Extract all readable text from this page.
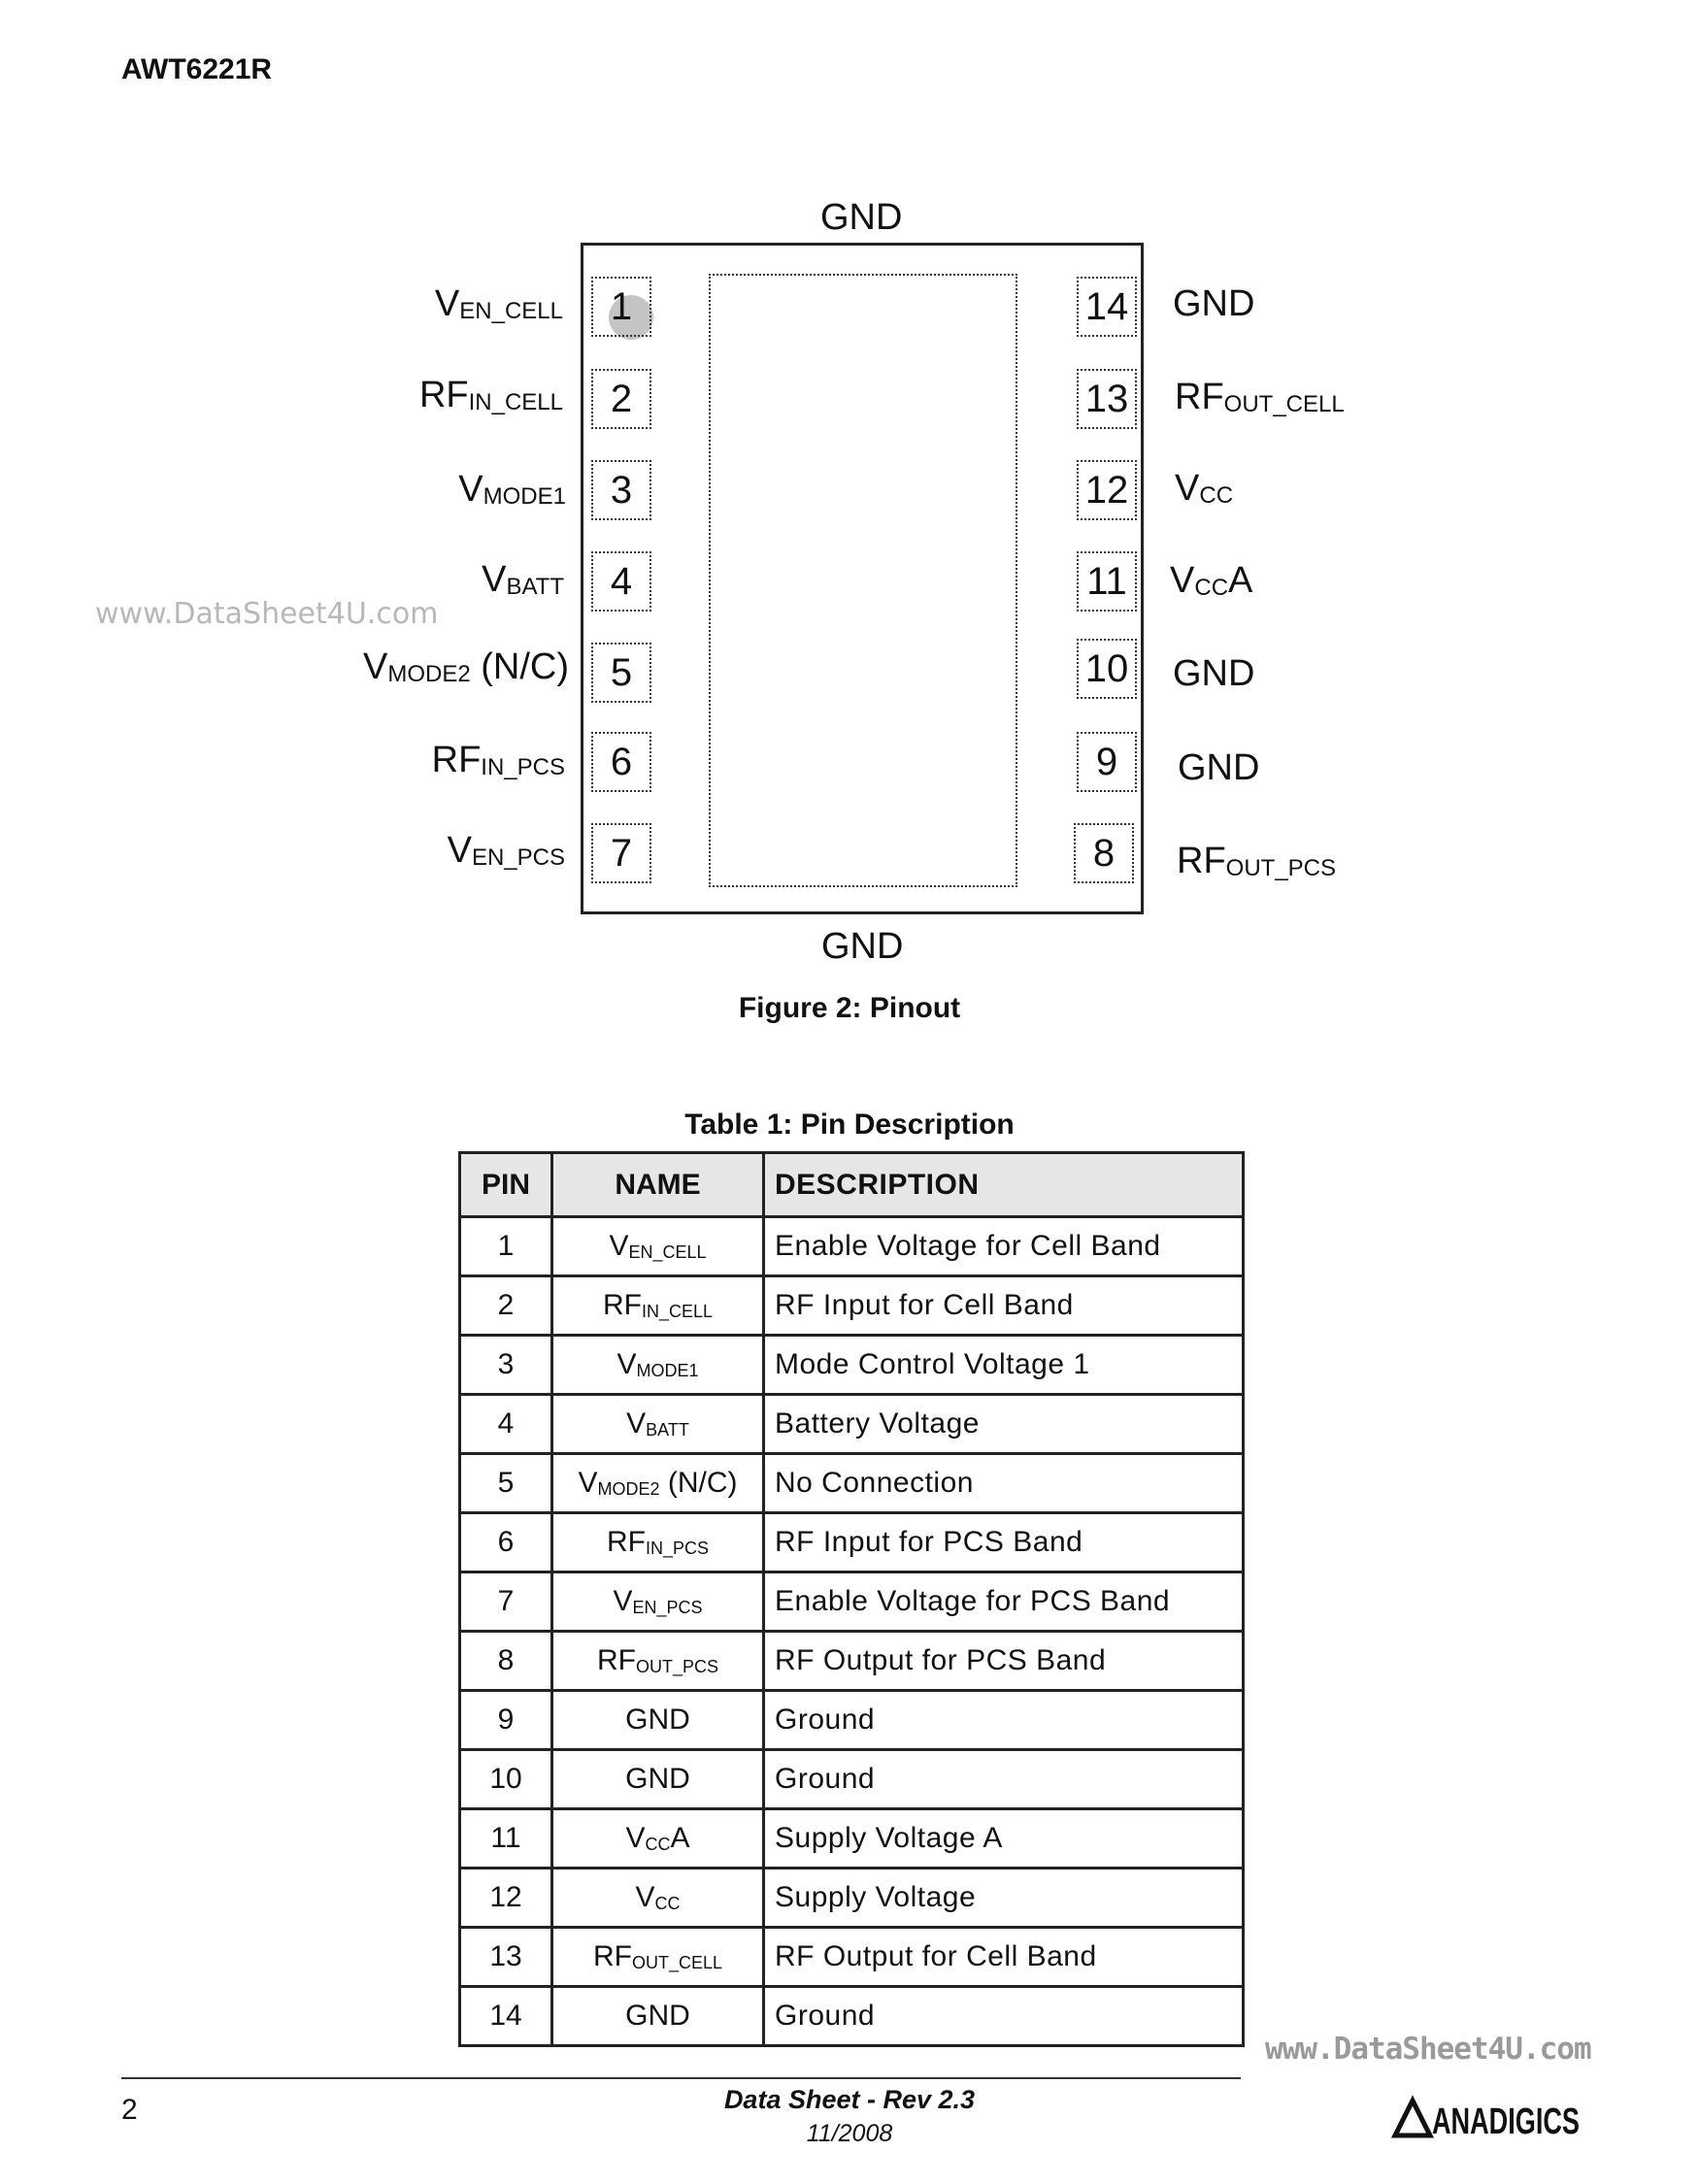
AWT6221R
www.DataSheet4U.com
GND
GND
1
2
3
4
5
6
7
$V_{EN\_CELL}$
$RF_{IN\_CELL}$
$V_{MODE1}$
$V_{BATT}$
$V_{MODE2}$ (N/C)
$RF_{IN\_PCS}$
$V_{EN\_PCS}$
14
13
12
11
10
9
8
GND
$RF_{OUT\_CELL}$
$V_{CC}$
$V_{CC}A$
GND
GND
$RF_{OUT\_PCS}$
Figure 2: Pinout
Table 1: Pin Description
PIN	NAME	DESCRIPTION
1	$V_{EN\_CELL}$	Enable Voltage for Cell Band
2	$RF_{IN\_CELL}$	RF Input for Cell Band
3	$V_{MODE1}$	Mode Control Voltage 1
4	$V_{BATT}$	Battery Voltage
5	$V_{MODE2}$ (N/C)	No Connection
6	$RF_{IN\_PCS}$	RF Input for PCS Band
7	$V_{EN\_PCS}$	Enable Voltage for PCS Band
8	$RF_{OUT\_PCS}$	RF Output for PCS Band
9	GND	Ground
10	GND	Ground
11	$V_{CC}A$	Supply Voltage A
12	$V_{CC}$	Supply Voltage
13	$RF_{OUT\_CELL}$	RF Output for Cell Band
14	GND	Ground
www.DataSheet4U.com
2	Data Sheet - Rev 2.3
11/2008	ANADIGICS
